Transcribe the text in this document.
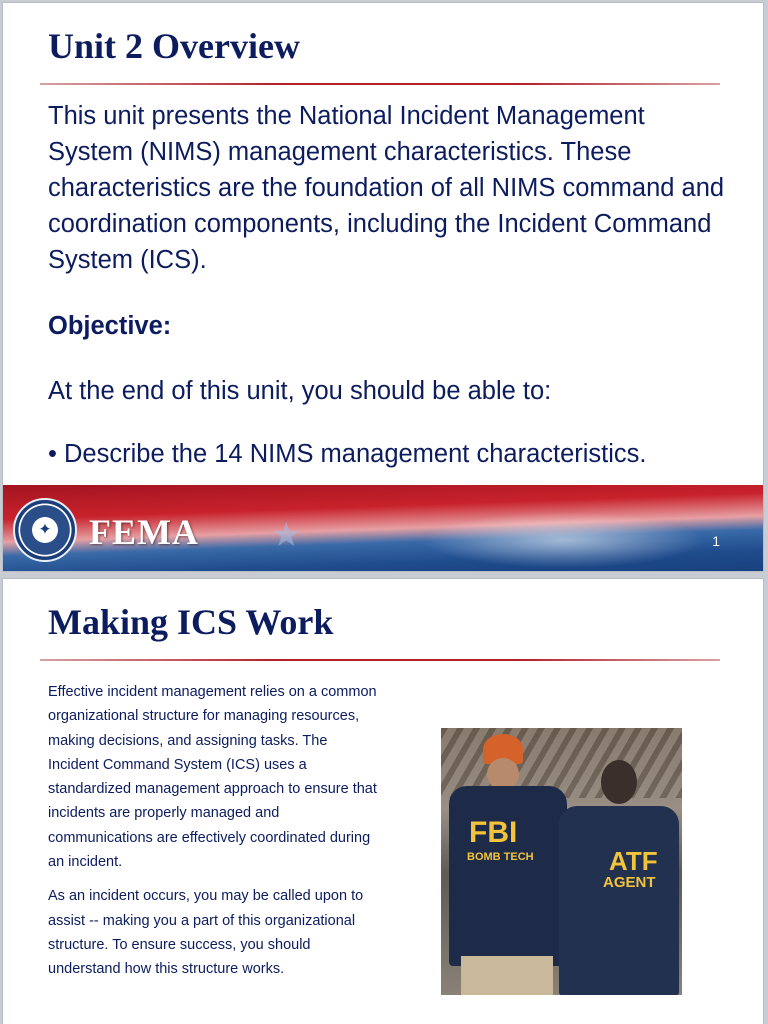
Unit 2 Overview
This unit presents the National Incident Management System (NIMS) management characteristics. These characteristics are the foundation of all NIMS command and coordination components, including the Incident Command System (ICS).
Objective:
At the end of this unit, you should be able to:
• Describe the 14 NIMS management characteristics.
✦ FEMA ★	1
Making ICS Work

Effective incident management relies on a common organizational structure for managing resources, making decisions, and assigning tasks. The Incident Command System (ICS) uses a standardized management approach to ensure that incidents are properly managed and communications are effectively coordinated during an incident.

As an incident occurs, you may be called upon to assist -- making you a part of this organizational structure. To ensure success, you should understand how this structure works.

FBI
BOMB TECH	ATF
AGENT
